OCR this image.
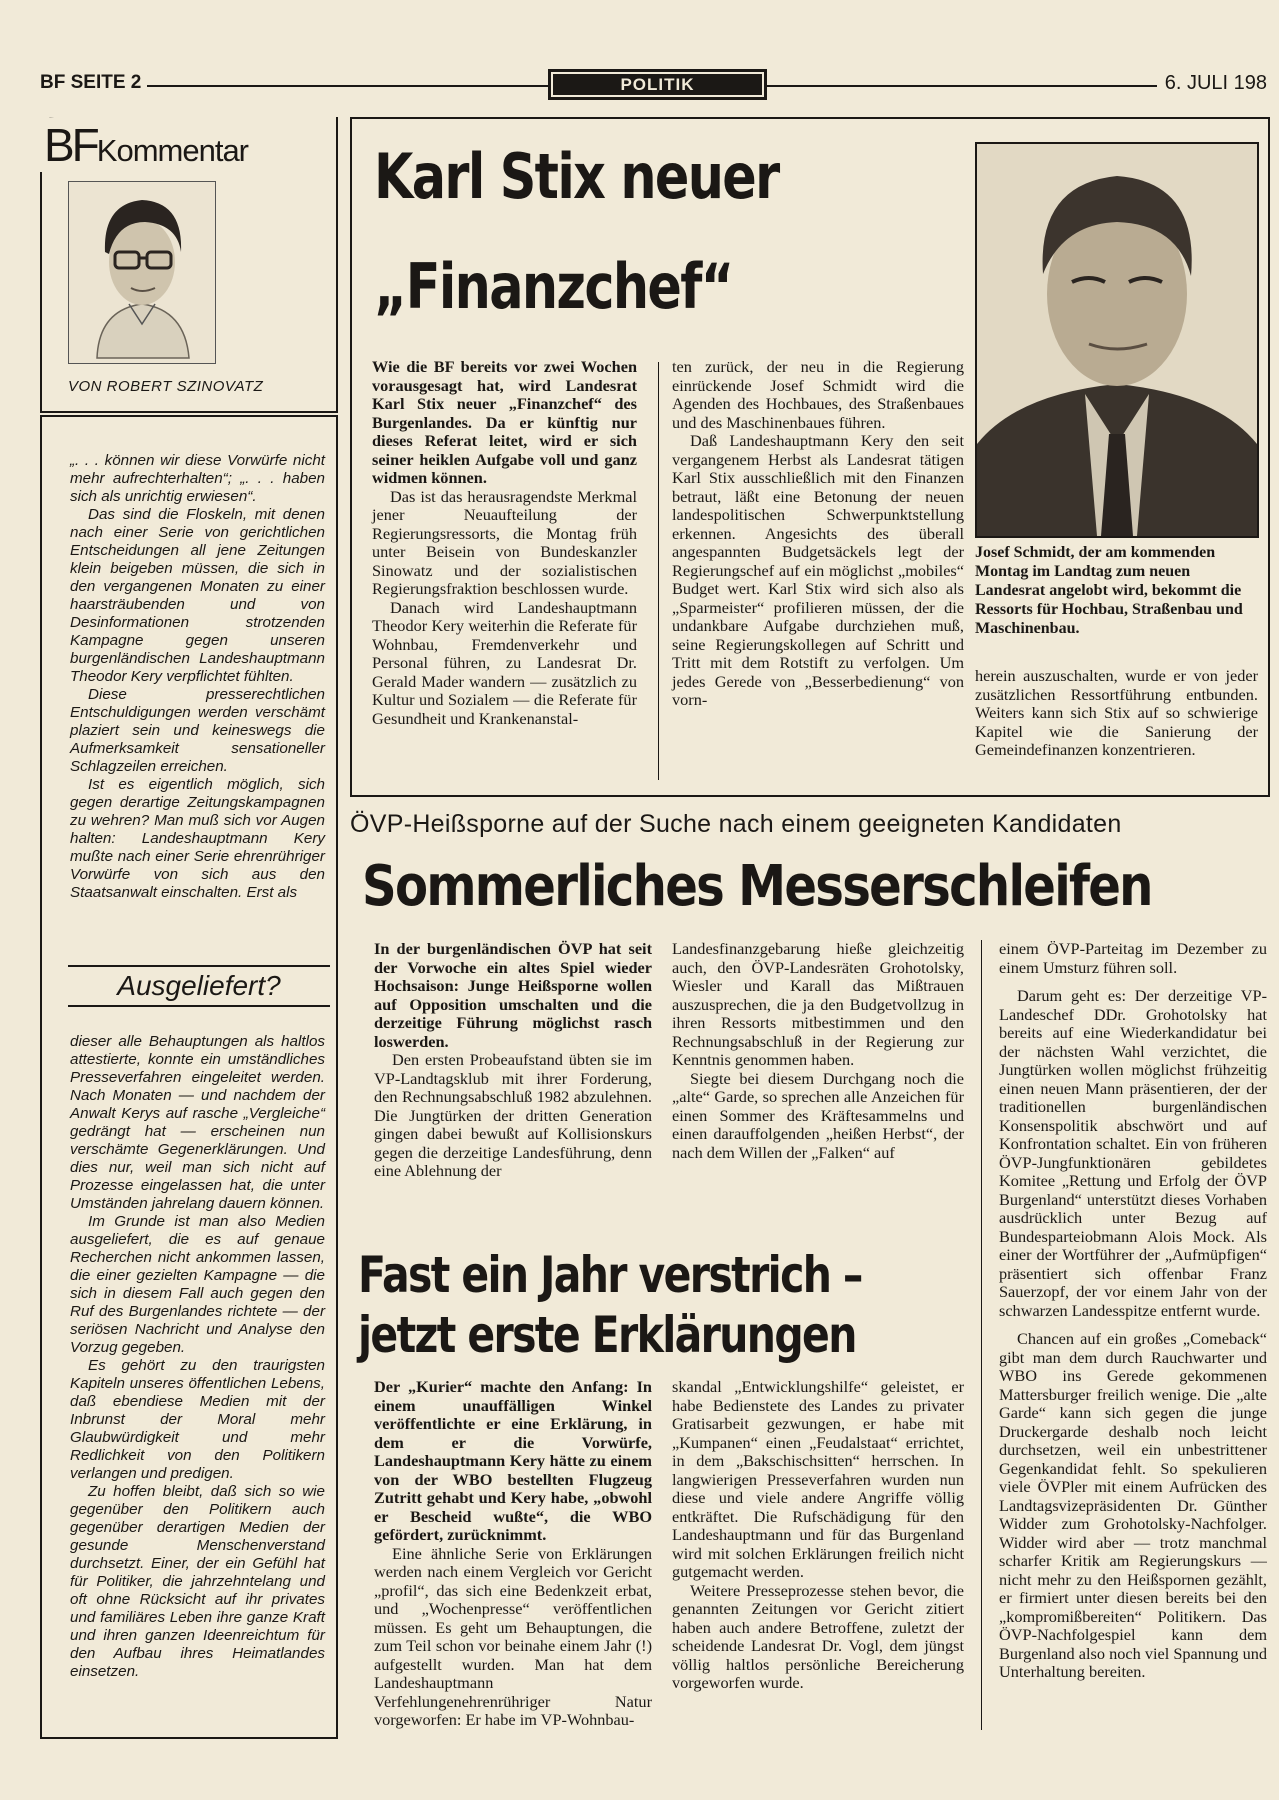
BF SEITE 2	POLITIK	6. JULI 198
BFKommentar
VON ROBERT SZINOVATZ

„. . . können wir diese Vorwürfe nicht mehr aufrechterhalten“; „. . . haben sich als unrichtig erwiesen“.

Das sind die Floskeln, mit denen nach einer Serie von gerichtlichen Entscheidungen all jene Zeitungen klein beigeben müssen, die sich in den vergangenen Monaten zu einer haarsträubenden und von Desinformationen strotzenden Kampagne gegen unseren burgenländischen Landeshauptmann Theodor Kery verpflichtet fühlten.

Diese presserechtlichen Entschuldigungen werden verschämt plaziert sein und keineswegs die Aufmerksamkeit sensationeller Schlagzeilen erreichen.

Ist es eigentlich möglich, sich gegen derartige Zeitungskampagnen zu wehren? Man muß sich vor Augen halten: Landeshauptmann Kery mußte nach einer Serie ehrenrühriger Vorwürfe von sich aus den Staatsanwalt einschalten. Erst als

Ausgeliefert?

dieser alle Behauptungen als haltlos attestierte, konnte ein umständliches Presseverfahren eingeleitet werden. Nach Monaten — und nachdem der Anwalt Kerys auf rasche „Vergleiche“ gedrängt hat — erscheinen nun verschämte Gegenerklärungen. Und dies nur, weil man sich nicht auf Prozesse eingelassen hat, die unter Umständen jahrelang dauern können.

Im Grunde ist man also Medien ausgeliefert, die es auf genaue Recherchen nicht ankommen lassen, die einer gezielten Kampagne — die sich in diesem Fall auch gegen den Ruf des Burgenlandes richtete — der seriösen Nachricht und Analyse den Vorzug gegeben.

Es gehört zu den traurigsten Kapiteln unseres öffentlichen Lebens, daß ebendiese Medien mit der Inbrunst der Moral mehr Glaubwürdigkeit und mehr Redlichkeit von den Politikern verlangen und predigen.

Zu hoffen bleibt, daß sich so wie gegenüber den Politikern auch gegenüber derartigen Medien der gesunde Menschenverstand durchsetzt. Einer, der ein Gefühl hat für Politiker, die jahrzehntelang und oft ohne Rücksicht auf ihr privates und familiäres Leben ihre ganze Kraft und ihren ganzen Ideenreichtum für den Aufbau ihres Heimatlandes einsetzen.

Karl Stix neuer
„Finanzchef“

Wie die BF bereits vor zwei Wochen vorausgesagt hat, wird Landesrat Karl Stix neuer „Finanzchef“ des Burgenlandes. Da er künftig nur dieses Referat leitet, wird er sich seiner heiklen Aufgabe voll und ganz widmen können.

Das ist das herausragendste Merkmal jener Neuaufteilung der Regierungsressorts, die Montag früh unter Beisein von Bundeskanzler Sinowatz und der sozialistischen Regierungsfraktion beschlossen wurde.

Danach wird Landeshauptmann Theodor Kery weiterhin die Referate für Wohnbau, Fremdenverkehr und Personal führen, zu Landesrat Dr. Gerald Mader wandern — zusätzlich zu Kultur und Sozialem — die Referate für Gesundheit und Krankenanstal-

ten zurück, der neu in die Regierung einrückende Josef Schmidt wird die Agenden des Hochbaues, des Straßenbaues und des Maschinenbaues führen.

Daß Landeshauptmann Kery den seit vergangenem Herbst als Landesrat tätigen Karl Stix ausschließlich mit den Finanzen betraut, läßt eine Betonung der neuen landespolitischen Schwerpunktstellung erkennen. Angesichts des überall angespannten Budgetsäckels legt der Regierungschef auf ein möglichst „mobiles“ Budget wert. Karl Stix wird sich also als „Sparmeister“ profilieren müssen, der die undankbare Aufgabe durchziehen muß, seine Regierungskollegen auf Schritt und Tritt mit dem Rotstift zu verfolgen. Um jedes Gerede von „Besserbedienung“ von vorn-

Josef Schmidt, der am kommenden Montag im Landtag zum neuen Landesrat angelobt wird, bekommt die Ressorts für Hochbau, Straßenbau und Maschinenbau.
herein auszuschalten, wurde er von jeder zusätzlichen Ressortführung entbunden. Weiters kann sich Stix auf so schwierige Kapitel wie die Sanierung der Gemeindefinanzen konzentrieren.
ÖVP-Heißsporne auf der Suche nach einem geeigneten Kandidaten
Sommerliches Messerschleifen

In der burgenländischen ÖVP hat seit der Vorwoche ein altes Spiel wieder Hochsaison: Junge Heißsporne wollen auf Opposition umschalten und die derzeitige Führung möglichst rasch loswerden.

Den ersten Probeaufstand übten sie im VP-Landtagsklub mit ihrer Forderung, den Rechnungsabschluß 1982 abzulehnen. Die Jungtürken der dritten Generation gingen dabei bewußt auf Kollisionskurs gegen die derzeitige Landesführung, denn eine Ablehnung der

Landesfinanzgebarung hieße gleichzeitig auch, den ÖVP-Landesräten Grohotolsky, Wiesler und Karall das Mißtrauen auszusprechen, die ja den Budgetvollzug in ihren Ressorts mitbestimmen und den Rechnungsabschluß in der Regierung zur Kenntnis genommen haben.

Siegte bei diesem Durchgang noch die „alte“ Garde, so sprechen alle Anzeichen für einen Sommer des Kräftesammelns und einen darauffolgenden „heißen Herbst“, der nach dem Willen der „Falken“ auf

einem ÖVP-Parteitag im Dezember zu einem Umsturz führen soll.

Darum geht es: Der derzeitige VP-Landeschef DDr. Grohotolsky hat bereits auf eine Wiederkandidatur bei der nächsten Wahl verzichtet, die Jungtürken wollen möglichst frühzeitig einen neuen Mann präsentieren, der der traditionellen burgenländischen Konsenspolitik abschwört und auf Konfrontation schaltet. Ein von früheren ÖVP-Jungfunktionären gebildetes Komitee „Rettung und Erfolg der ÖVP Burgenland“ unterstützt dieses Vorhaben ausdrücklich unter Bezug auf Bundesparteiobmann Alois Mock. Als einer der Wortführer der „Aufmüpfigen“ präsentiert sich offenbar Franz Sauerzopf, der vor einem Jahr von der schwarzen Landesspitze entfernt wurde.

Chancen auf ein großes „Comeback“ gibt man dem durch Rauchwarter und WBO ins Gerede gekommenen Mattersburger freilich wenige. Die „alte Garde“ kann sich gegen die junge Druckergarde deshalb noch leicht durchsetzen, weil ein unbestrittener Gegenkandidat fehlt. So spekulieren viele ÖVPler mit einem Aufrücken des Landtagsvizepräsidenten Dr. Günther Widder zum Grohotolsky-Nachfolger. Widder wird aber — trotz manchmal scharfer Kritik am Regierungskurs — nicht mehr zu den Heißspornen gezählt, er firmiert unter diesen bereits bei den „kompromißbereiten“ Politikern. Das ÖVP-Nachfolgespiel kann dem Burgenland also noch viel Spannung und Unterhaltung bereiten.

Fast ein Jahr verstrich –
jetzt erste Erklärungen

Der „Kurier“ machte den Anfang: In einem unauffälligen Winkel veröffentlichte er eine Erklärung, in dem er die Vorwürfe, Landeshauptmann Kery hätte zu einem von der WBO bestellten Flugzeug Zutritt gehabt und Kery habe, „obwohl er Bescheid wußte“, die WBO gefördert, zurücknimmt.

Eine ähnliche Serie von Erklärungen werden nach einem Vergleich vor Gericht „profil“, das sich eine Bedenkzeit erbat, und „Wochenpresse“ veröffentlichen müssen. Es geht um Behauptungen, die zum Teil schon vor beinahe einem Jahr (!) aufgestellt wurden. Man hat dem Landeshauptmann Verfehlungenehrenrühriger Natur vorgeworfen: Er habe im VP-Wohnbau-

skandal „Entwicklungshilfe“ geleistet, er habe Bedienstete des Landes zu privater Gratisarbeit gezwungen, er habe mit „Kumpanen“ einen „Feudalstaat“ errichtet, in dem „Bakschischsitten“ herrschen. In langwierigen Presseverfahren wurden nun diese und viele andere Angriffe völlig entkräftet. Die Rufschädigung für den Landeshauptmann und für das Burgenland wird mit solchen Erklärungen freilich nicht gutgemacht werden.

Weitere Presseprozesse stehen bevor, die genannten Zeitungen vor Gericht zitiert haben auch andere Betroffene, zuletzt der scheidende Landesrat Dr. Vogl, dem jüngst völlig haltlos persönliche Bereicherung vorgeworfen wurde.
